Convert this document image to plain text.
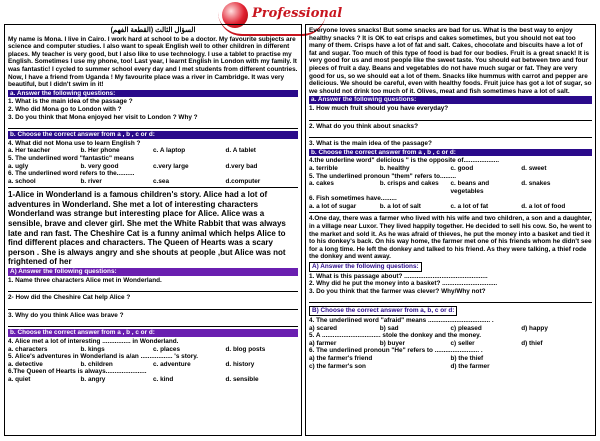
Professional
السؤال الثالث (القطعة الفهم)

My name is Mona. I live in Cairo. I work hard at school to be a doctor. My favourite subjects are science and computer studies. I also want to speak English well to other children in different places. My teacher is very good, but I also like to use technology. I use a tablet to practise my English. Sometimes I use my phone, too! Last year, I learnt English in London with my family. It was fantastic! I cycled to summer school every day and I met students from different countries. Now, I have a friend from Uganda ! My favourite place was a river in Cambridge. It was very beautiful, but I didn't swim in it!

a. Answer the following questions:

1. What is the main idea of the passage ?

2. Who did Mona go to London with ?

3. Do you think that Mona enjoyed her visit to London ? Why ?

b. Choose the correct answer from a , b , c or d:

4. What did not Mona use to learn English ?

a. Her teacher	b. Her phone	c. A laptop	d. A tablet

5. The underlined word "fantastic" means

a. ugly	b. very good	c.very large	d.very bad

6. The underlined word refers to the..........

a. school	b. river	c.sea	d.computer

1-Alice in Wonderland is a famous children's story. Alice had a lot of adventures in Wonderland. She met a lot of interesting characters Wonderland was strange but interesting place for Alice. Alice was a sensible, brave and clever girl. She met the White Rabbit that was always late and ran fast. The Cheshire Cat is a funny animal which helps Alice to find different places and characters. The Queen of Hearts was a scary person . She is always angry and she shouts at people ,but Alice was not frightened of her

A) Answer the following questions:

1. Name three characters Alice met in Wonderland.

2- How did the Cheshire Cat help Alice ?

3. Why do you think Alice was brave ?

b. Choose the correct answer from a , b , c or d:

4. Alice met a lot of interesting ................ in Wonderland.

a. characters	b. kings	c. places	d. blog posts

5. Alice's adventures in Wonderland is a/an .................. 's story.

a. detective	b. children	c. adventure	d. history

6.The Queen of Hearts is always.......................

a. quiet	b. angry	c. kind	d. sensible

Everyone loves snacks! But some snacks are bad for us. What is the best way to enjoy healthy snacks ? It is OK to eat crisps and cakes sometimes, but you should not eat too many of them. Crisps have a lot of fat and salt. Cakes, chocolate and biscuits have a lot of fat and sugar. Too much of this type of food is bad for our bodies. Fruit is a great snack! It is very good for us and most people like the sweet taste. You should eat between two and four pieces of fruit a day. Beans and vegetables do not have much sugar or fat. They are very good for us, so we should eat a lot of them. Snacks like hummus with carrot and pepper are delicious. We should be careful, even with healthy foods. Fruit juice has got a lot of sugar, so we should not drink too much of it. Olives, meat and fish sometimes have a lot of salt.

a. Answer the following questions:

1. How much fruit should you have everyday?

2. What do you think about snacks?

3. What is the main idea of the passage?

b. Choose the correct answer from a , b , c or d:

4.the underline word" delicious " is the opposite of....................

a. terrible	b. healthy	c. good	d. sweet

5. The underlined pronoun "them" refers to.........

a. cakes	b. crisps and cakes	c. beans and vegetables
d. snakes

6. Fish sometimes have.........

a. a lot of sugar	b. a lot of salt	c. a lot of fat	d. a lot of food

4.One day, there was a farmer who lived with his wife and two children, a son and a daughter, in a village near Luxor. They lived happily together. He decided to sell his cow. So, he went to the market and sold it. As he was afraid of thieves, he put the money into a basket and tied it to his donkey's back. On his way home, the farmer met one of his friends whom he didn't see for a long time. He left the donkey and talked to his friend. As they were talking, a thief rode the donkey and went away.

A) Answer the following questions:

1. What is this passage about? ...............................................

2. Why did he put the money into a basket? ...............................

3. Do you think that the farmer was clever? Why/Why not?

B) Choose the correct answer from a, b, c or d:

4. The underlined word "afraid" means ................................... .

a) scared	b) sad	c) pleased	d) happy

5. A ................................. stole the donkey and the money.

a) farmer	b) buyer	c) seller	d) thief

6. The underlined pronoun "He" refers to ......................... .

a) the farmer's friend	b) the thief
c) the farmer's son	d) the farmer
